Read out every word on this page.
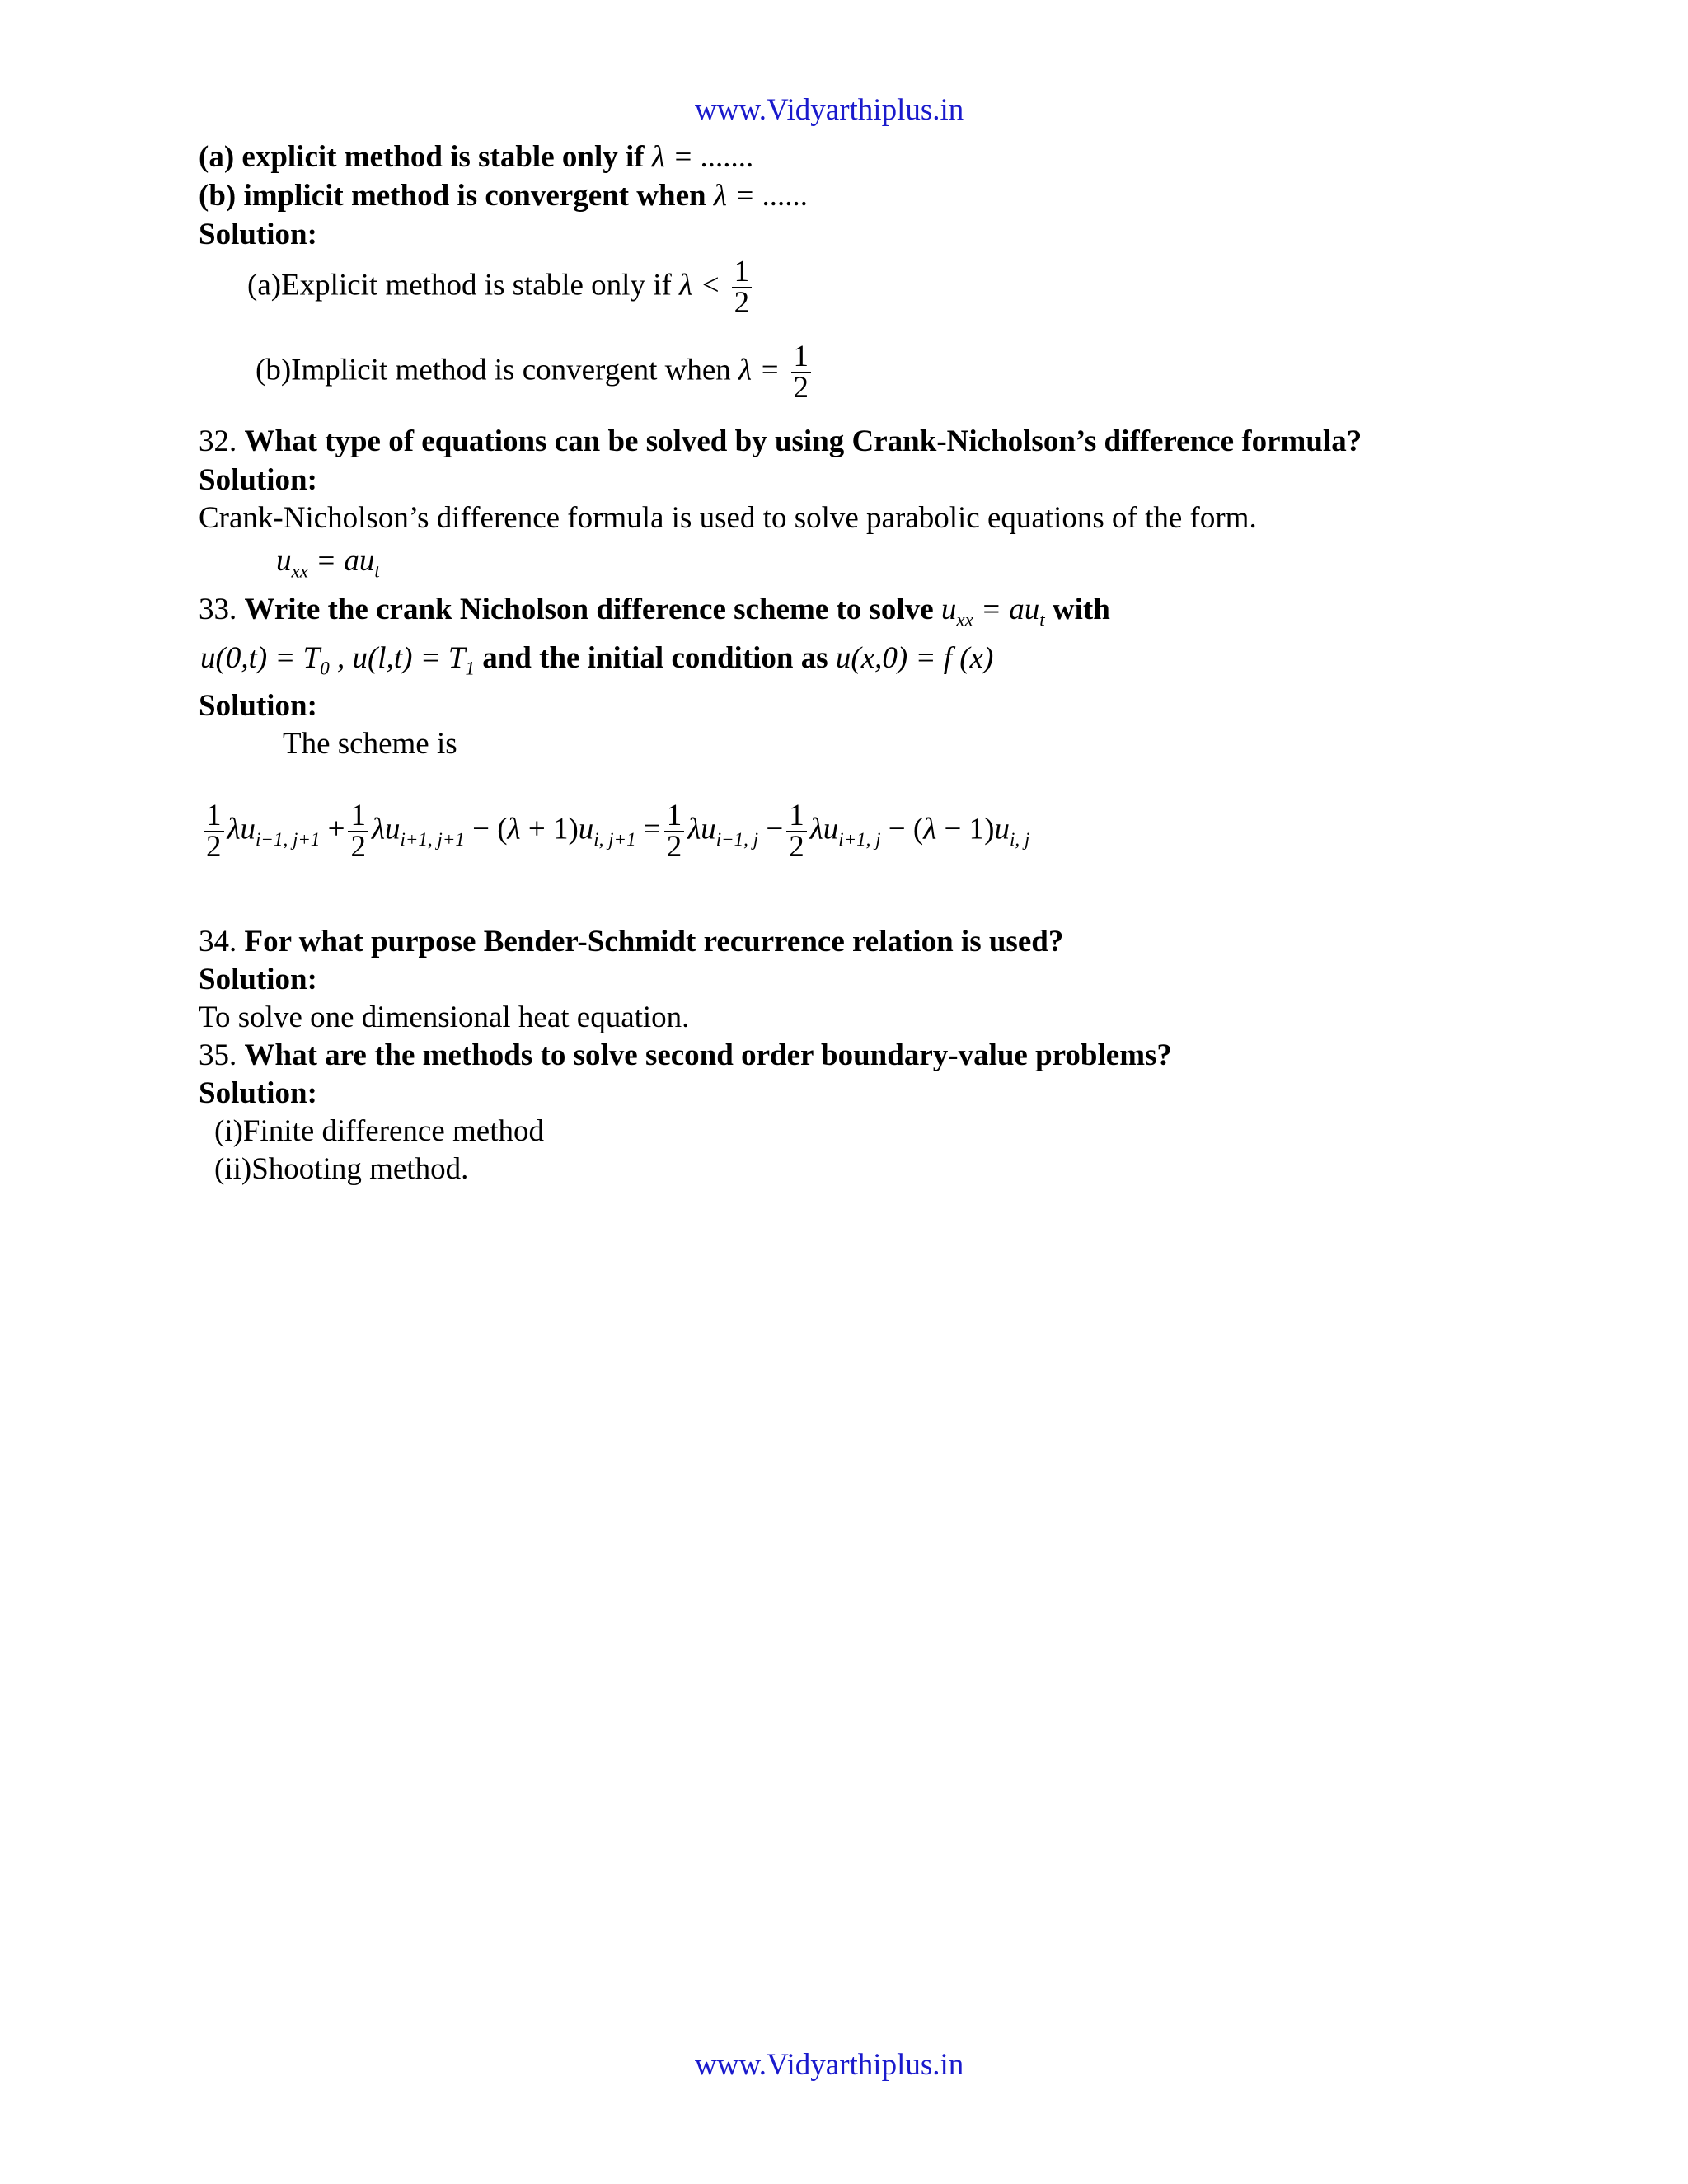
www.Vidyarthiplus.in
(a) explicit method is stable only if λ = .......
(b) implicit method is convergent when λ = ......
Solution:
(a)Explicit method is stable only if $\lambda < \frac{1}{2}$
(b)Implicit method is convergent when $\lambda = \frac{1}{2}$
32. What type of equations can be solved by using Crank-Nicholson’s difference formula?
Solution:
Crank-Nicholson’s difference formula is used to solve parabolic equations of the form.
$u_{xx} = au_t$
33. Write the crank Nicholson difference scheme to solve $u_{xx} = au_t$ with
$u(0,t) = T_0$ , $u(l,t) = T_1$ and the initial condition as u(x,0) = f (x)
Solution:
The scheme is
$\frac{1}{2} \lambda u_{i-1, j+1} + \frac{1}{2} \lambda u_{i+1, j+1} - (\lambda + 1)u_{i, j+1} = \frac{1}{2} \lambda u_{i-1, j} - \frac{1}{2} \lambda u_{i+1, j} - (\lambda - 1)u_{i, j}$
34. For what purpose Bender-Schmidt recurrence relation is used?
Solution:
To solve one dimensional heat equation.
35. What are the methods to solve second order boundary-value problems?
Solution:
(i)Finite difference method
(ii)Shooting method.
www.Vidyarthiplus.in
